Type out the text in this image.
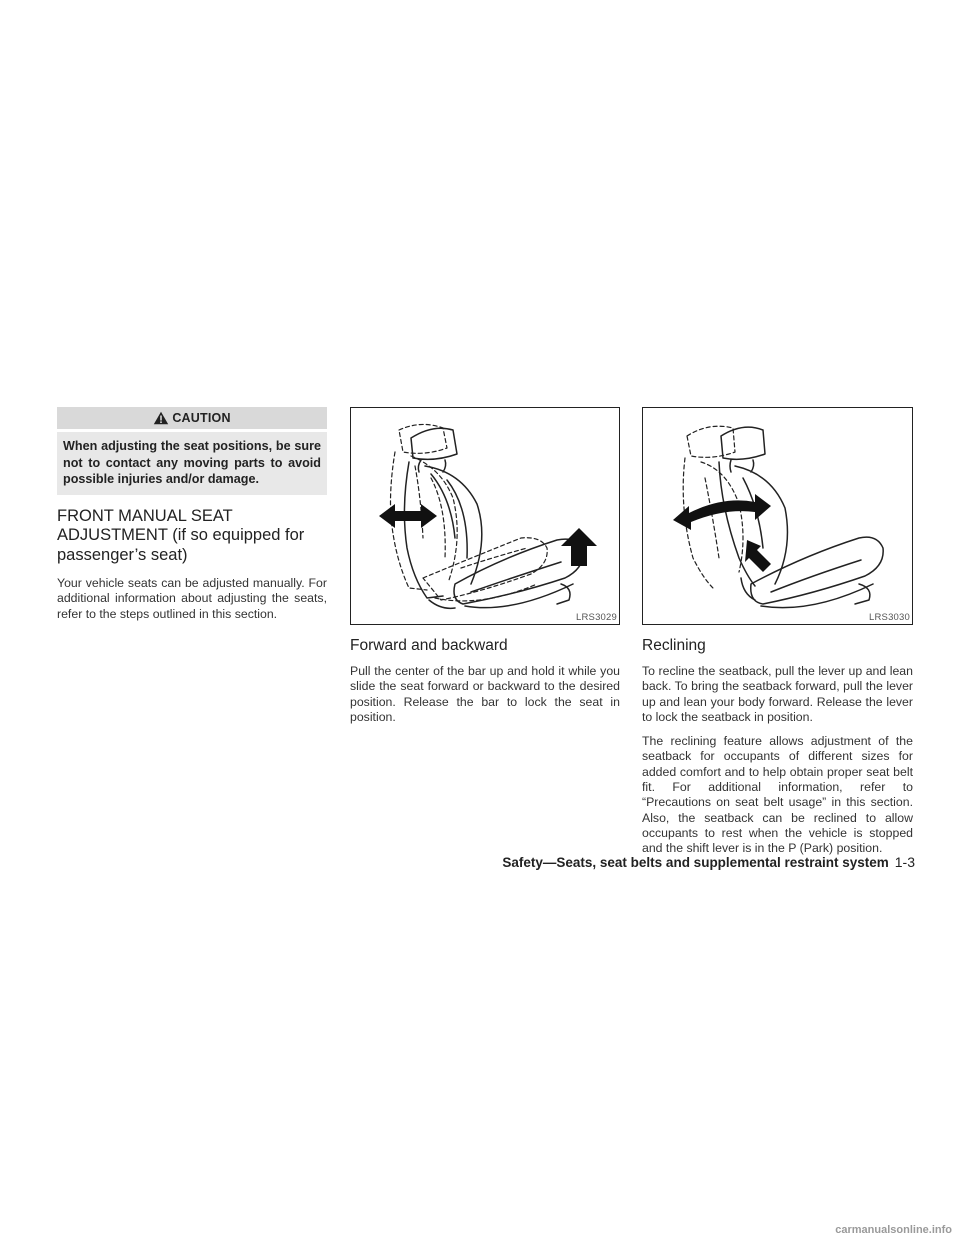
CAUTION
When adjusting the seat positions, be sure not to contact any moving parts to avoid possible injuries and/or damage.
FRONT MANUAL SEAT ADJUSTMENT (if so equipped for passenger’s seat)

Your vehicle seats can be adjusted manually. For additional information about adjusting the seats, refer to the steps outlined in this section.	LRS3029
Forward and backward

Pull the center of the bar up and hold it while you slide the seat forward or backward to the desired position. Release the bar to lock the seat in position.

LRS3030
Reclining

To recline the seatback, pull the lever up and lean back. To bring the seatback forward, pull the lever up and lean your body forward. Release the lever to lock the seatback in position.

The reclining feature allows adjustment of the seatback for occupants of different sizes for added comfort and to help obtain proper seat belt fit. For additional information, refer to “Precautions on seat belt usage” in this section. Also, the seatback can be reclined to allow occupants to rest when the vehicle is stopped and the shift lever is in the P (Park) position.

Safety—Seats, seat belts and supplemental restraint system 1-3
carmanualsonline.info
